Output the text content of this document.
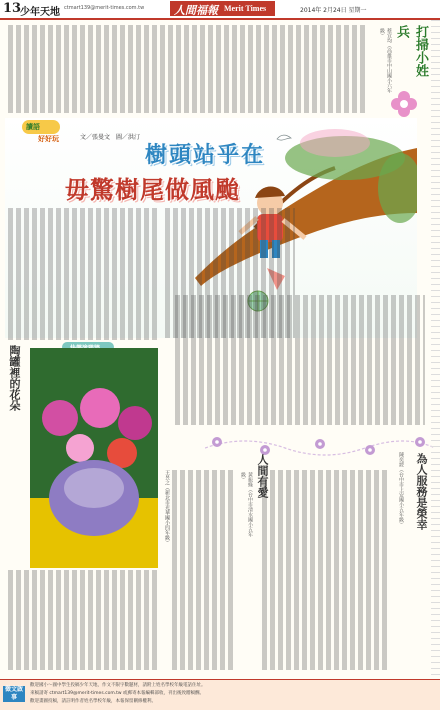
13
少年天地 ctmart139@merit-times.com.tw	人間福報 Merit Times	2014年 2月24日 星期一
打掃小姓兵
蔡宜均（高雄市中山國小六年級）
讀語
好好玩	文／張曼文　圖／洪汀
樹頭站乎在
毋驚樹尾做風颱
陶罐裡的花朵
王昱之（新北市光華國小四年級）	人間有愛
黃振綠（台中市清水國小五年級）	為人服務是榮幸
陳奕綬（台中市上安國小五年級）
徵文啟事
歡迎國小～國中學生投稿少年天地，作文不限字數題材，請附上姓名學校年級電話住址。
來稿請寄 ctmart139@merit-times.com.tw 或郵寄本報編輯部收，刊出後致贈稿酬。
歡迎畫圖投稿，請註明作者姓名學校年級，本報保留刪修權利。
